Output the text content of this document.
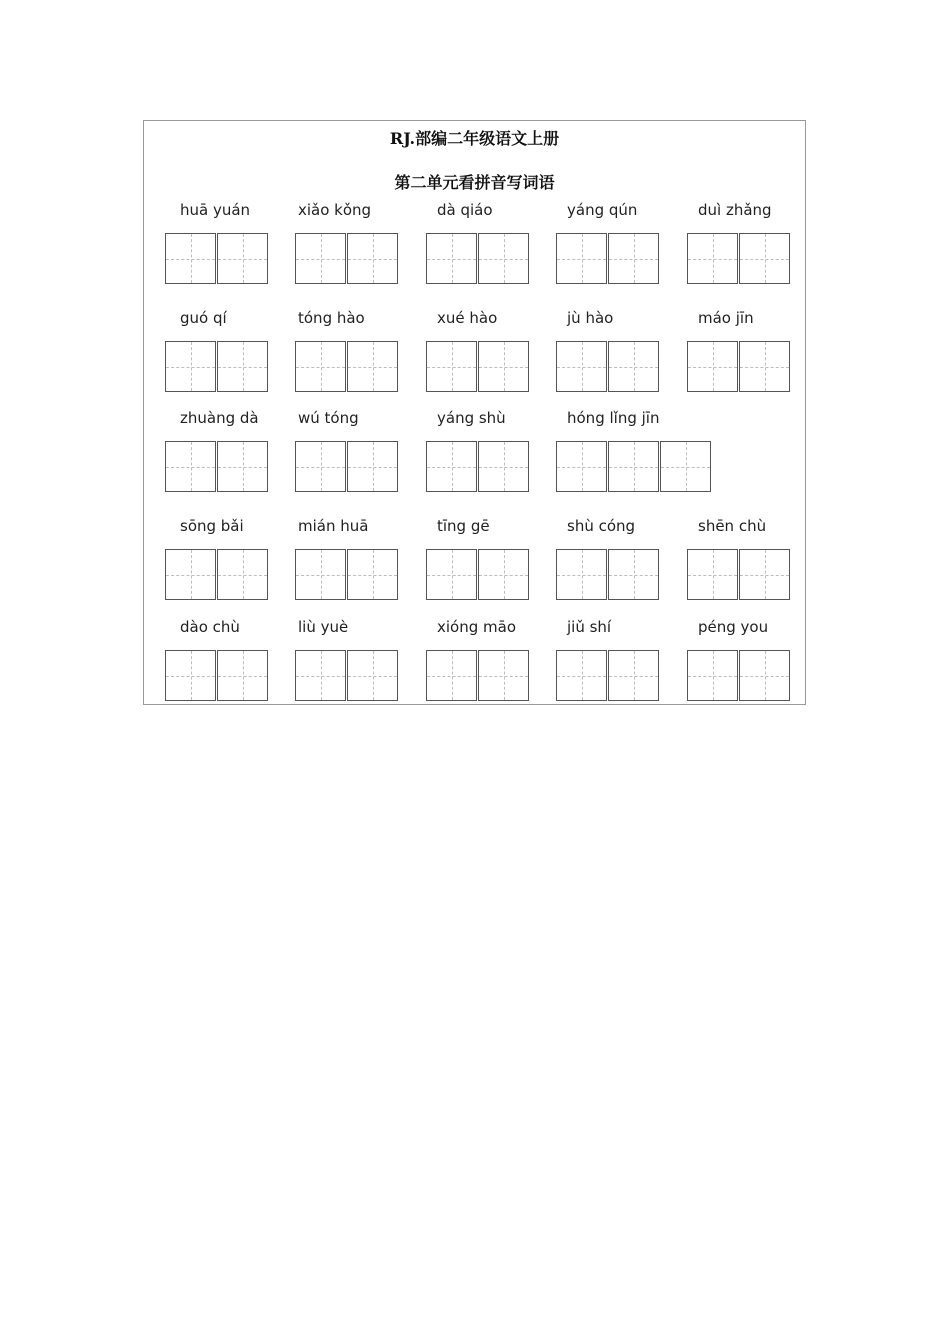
RJ.部编二年级语文上册
第二单元看拼音写词语
huā yuán	xiǎo kǒng	dà qiáo	yáng qún	duì zhǎng
guó qí	tóng hào	xué hào	jù hào	máo jīn
zhuàng dà	wú tóng	yáng shù	hóng lǐng jīn
sōng bǎi	mián huā	tīng gē	shù cóng	shēn chù
dào chù	liù yuè	xióng māo	jiǔ shí	péng you
